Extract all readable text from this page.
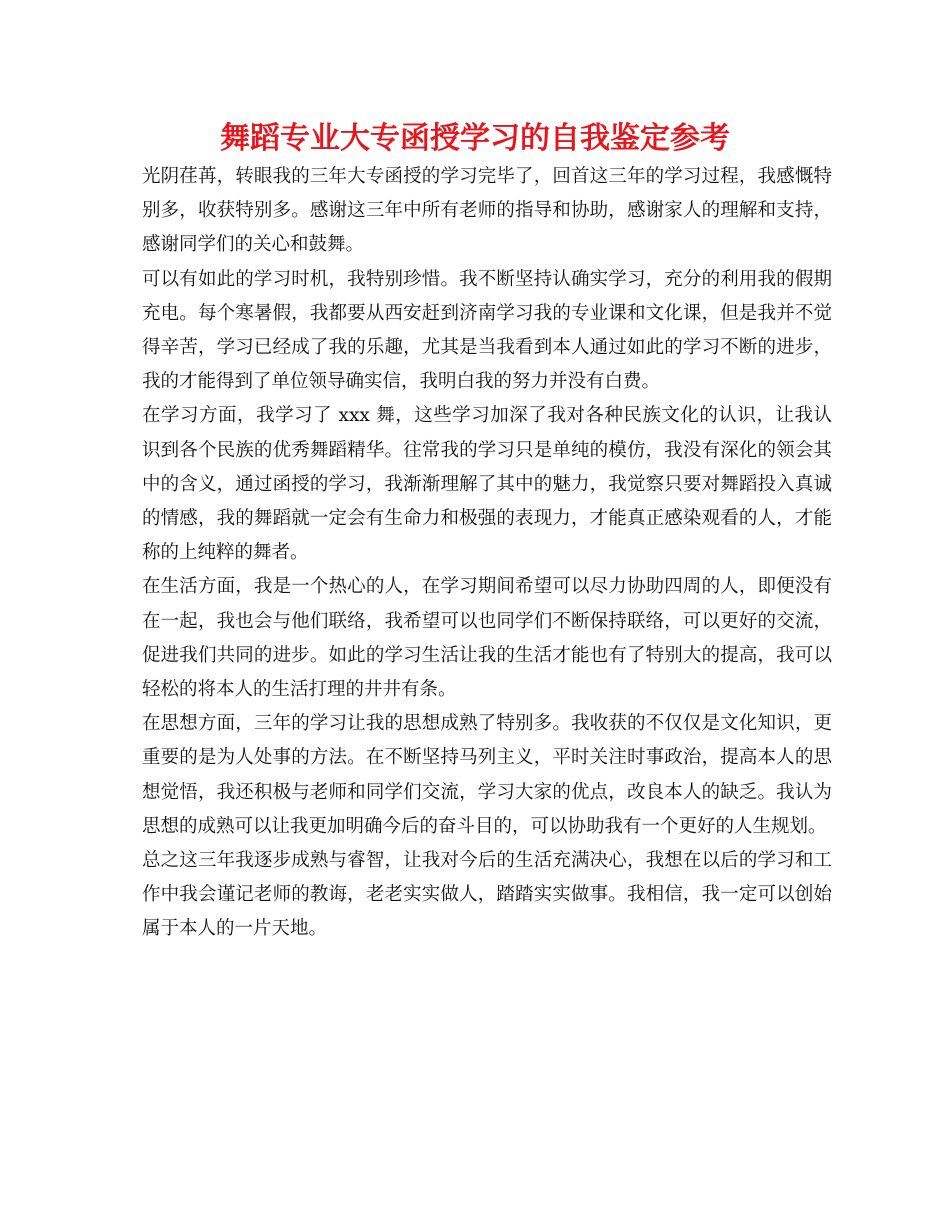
舞蹈专业大专函授学习的自我鉴定参考

光阴荏苒，转眼我的三年大专函授的学习完毕了，回首这三年的学习过程，我感慨特别多，收获特别多。感谢这三年中所有老师的指导和协助，感谢家人的理解和支持，感谢同学们的关心和鼓舞。

可以有如此的学习时机，我特别珍惜。我不断坚持认确实学习，充分的利用我的假期充电。每个寒暑假，我都要从西安赶到济南学习我的专业课和文化课，但是我并不觉得辛苦，学习已经成了我的乐趣，尤其是当我看到本人通过如此的学习不断的进步，我的才能得到了单位领导确实信，我明白我的努力并没有白费。

在学习方面，我学习了 xxx 舞，这些学习加深了我对各种民族文化的认识，让我认识到各个民族的优秀舞蹈精华。往常我的学习只是单纯的模仿，我没有深化的领会其中的含义，通过函授的学习，我渐渐理解了其中的魅力，我觉察只要对舞蹈投入真诚的情感，我的舞蹈就一定会有生命力和极强的表现力，才能真正感染观看的人，才能称的上纯粹的舞者。

在生活方面，我是一个热心的人，在学习期间希望可以尽力协助四周的人，即便没有在一起，我也会与他们联络，我希望可以也同学们不断保持联络，可以更好的交流，促进我们共同的进步。如此的学习生活让我的生活才能也有了特别大的提高，我可以轻松的将本人的生活打理的井井有条。

在思想方面，三年的学习让我的思想成熟了特别多。我收获的不仅仅是文化知识，更重要的是为人处事的方法。在不断坚持马列主义，平时关注时事政治，提高本人的思想觉悟，我还积极与老师和同学们交流，学习大家的优点，改良本人的缺乏。我认为思想的成熟可以让我更加明确今后的奋斗目的，可以协助我有一个更好的人生规划。

总之这三年我逐步成熟与睿智，让我对今后的生活充满决心，我想在以后的学习和工作中我会谨记老师的教诲，老老实实做人，踏踏实实做事。我相信，我一定可以创始属于本人的一片天地。
